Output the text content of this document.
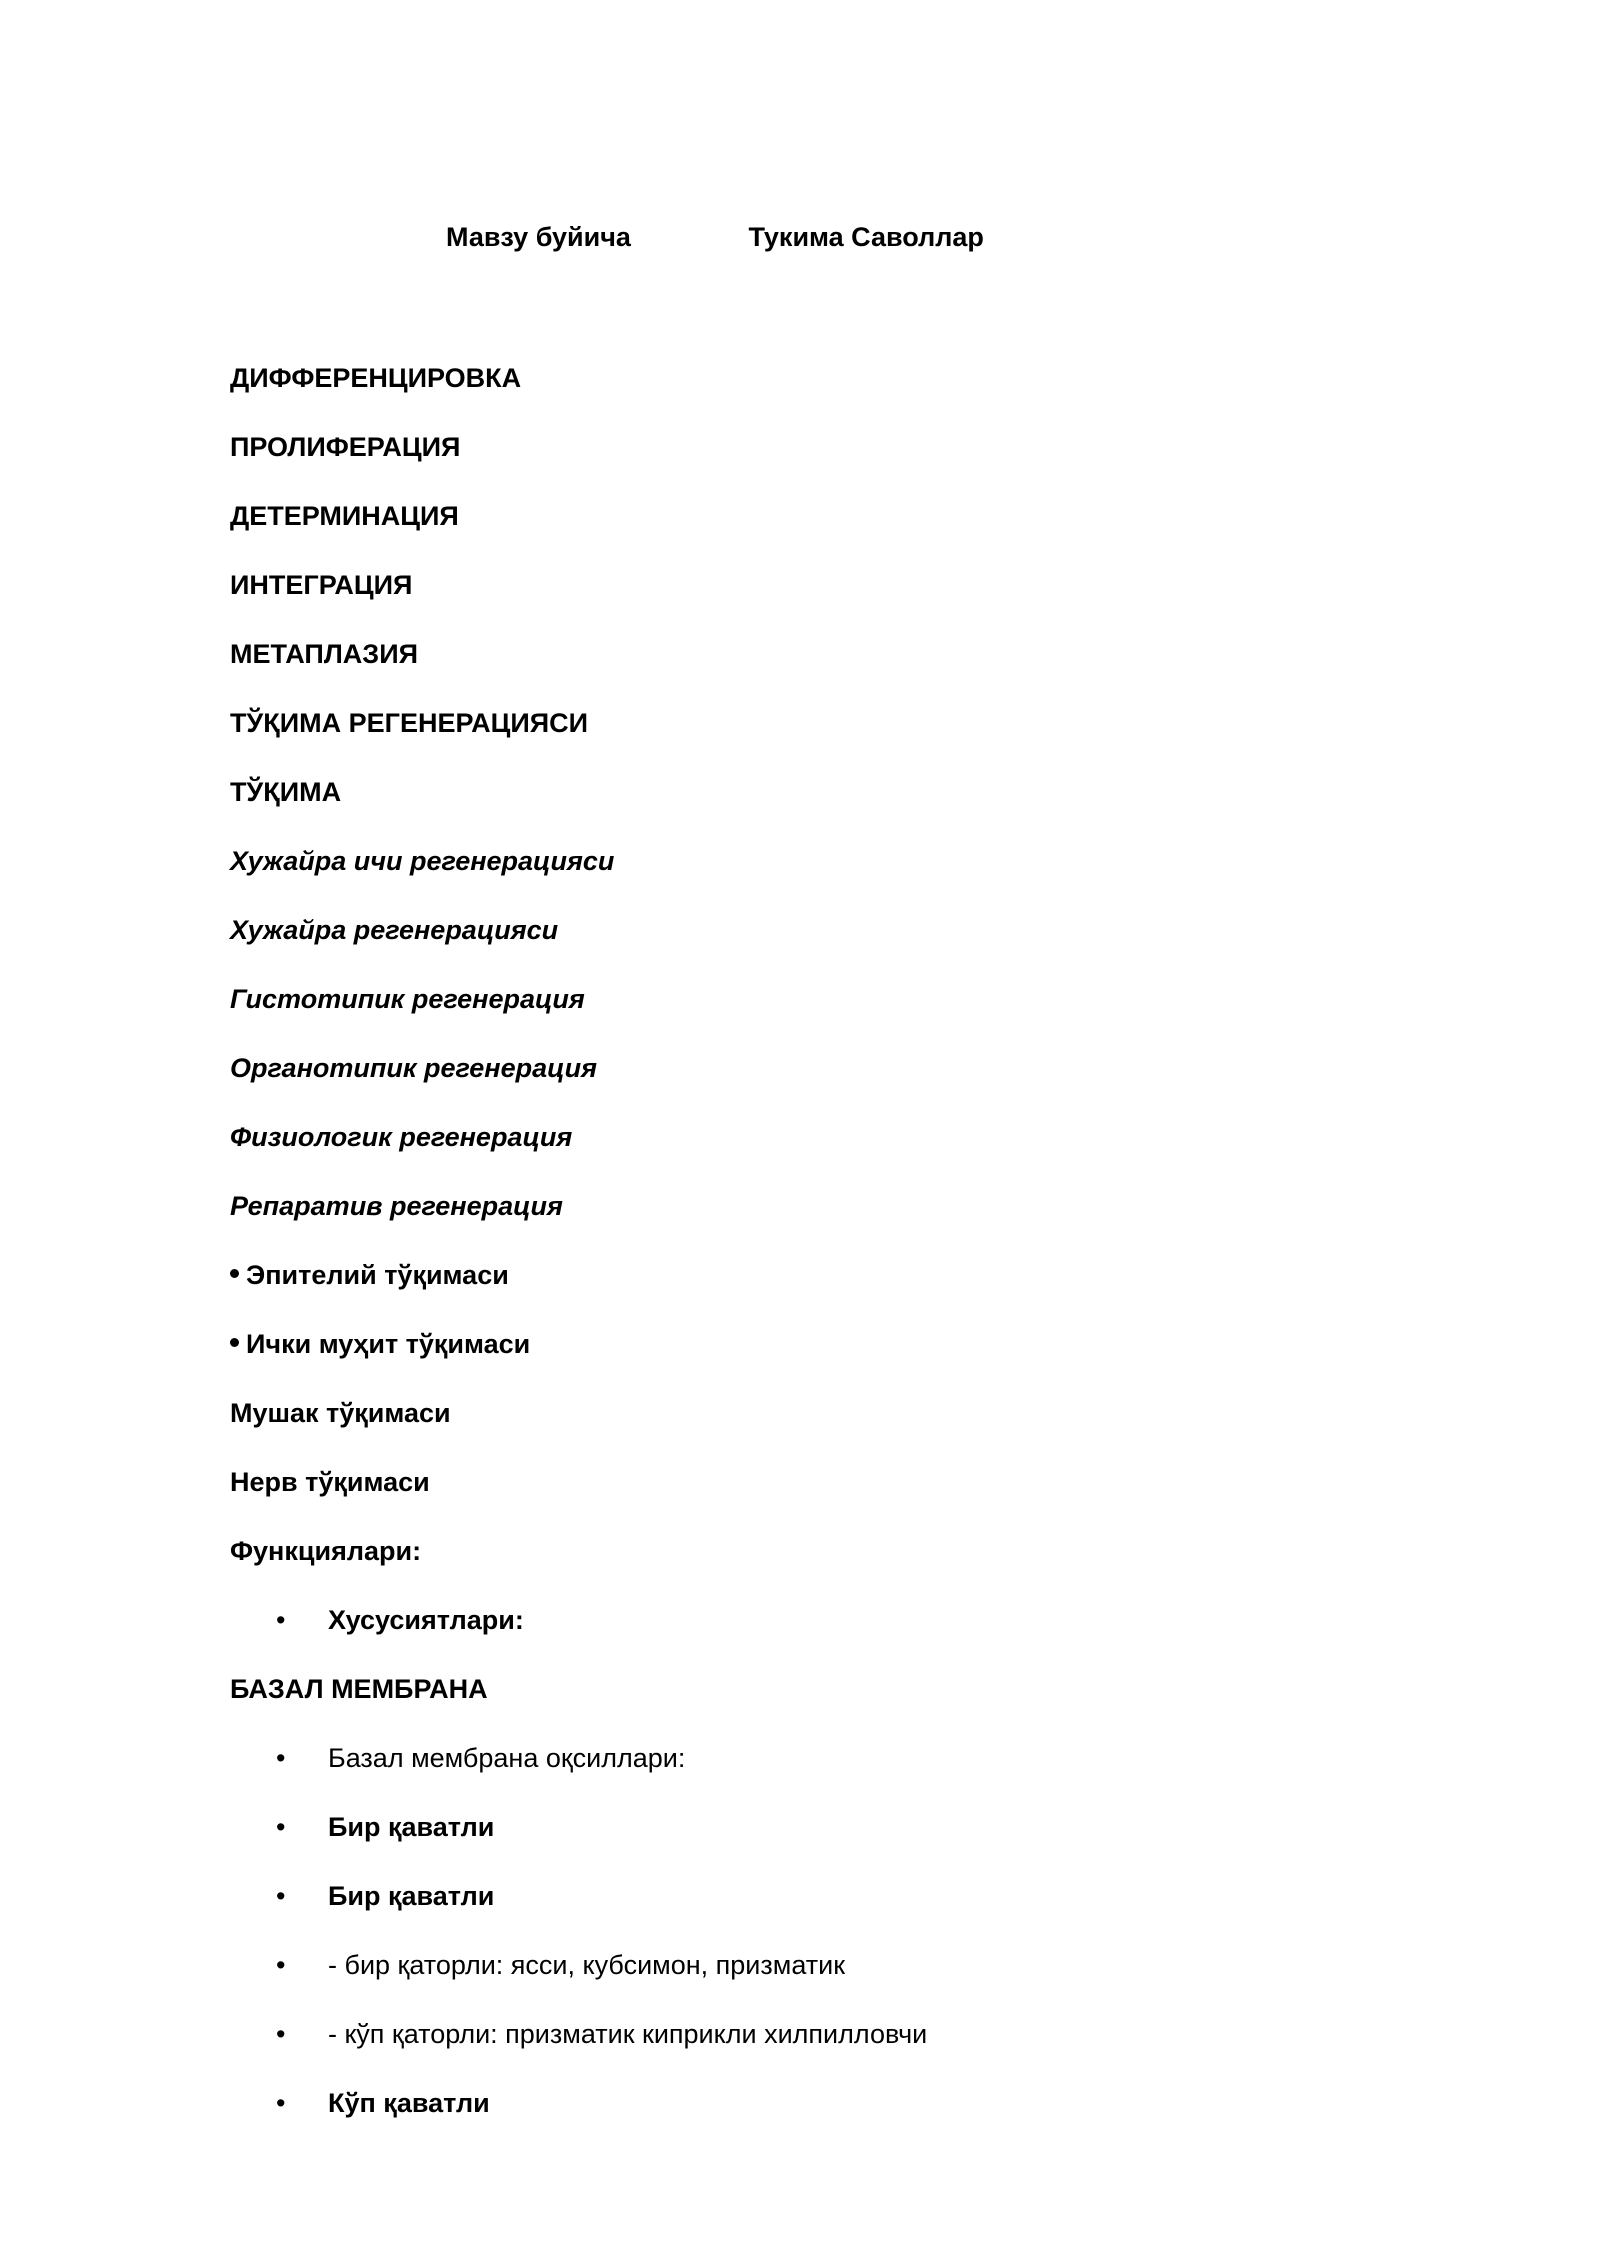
Мавзу буйича	Тукима Саволлар
ДИФФЕРЕНЦИРОВКА
ПРОЛИФЕРАЦИЯ
ДЕТЕРМИНАЦИЯ
ИНТЕГРАЦИЯ
МЕТАПЛАЗИЯ
ТЎҚИМА РЕГЕНЕРАЦИЯСИ
ТЎҚИМА
Хужайра ичи регенерацияси
Хужайра регенерацияси
Гистотипик регенерация
Органотипик регенерация
Физиологик регенерация
Репаратив регенерация
Эпителий тўқимаси
Ички муҳит тўқимаси
Мушак тўқимаси
Нерв тўқимаси
Функциялари:
• Хусусиятлари:
БАЗАЛ МЕМБРАНА
• Базал мембрана оқсиллари:
• Бир қаватли
• Бир қаватли
• - бир қаторли: ясси, кубсимон, призматик
• - кўп қаторли: призматик киприкли хилпилловчи
• Кўп қаватли
